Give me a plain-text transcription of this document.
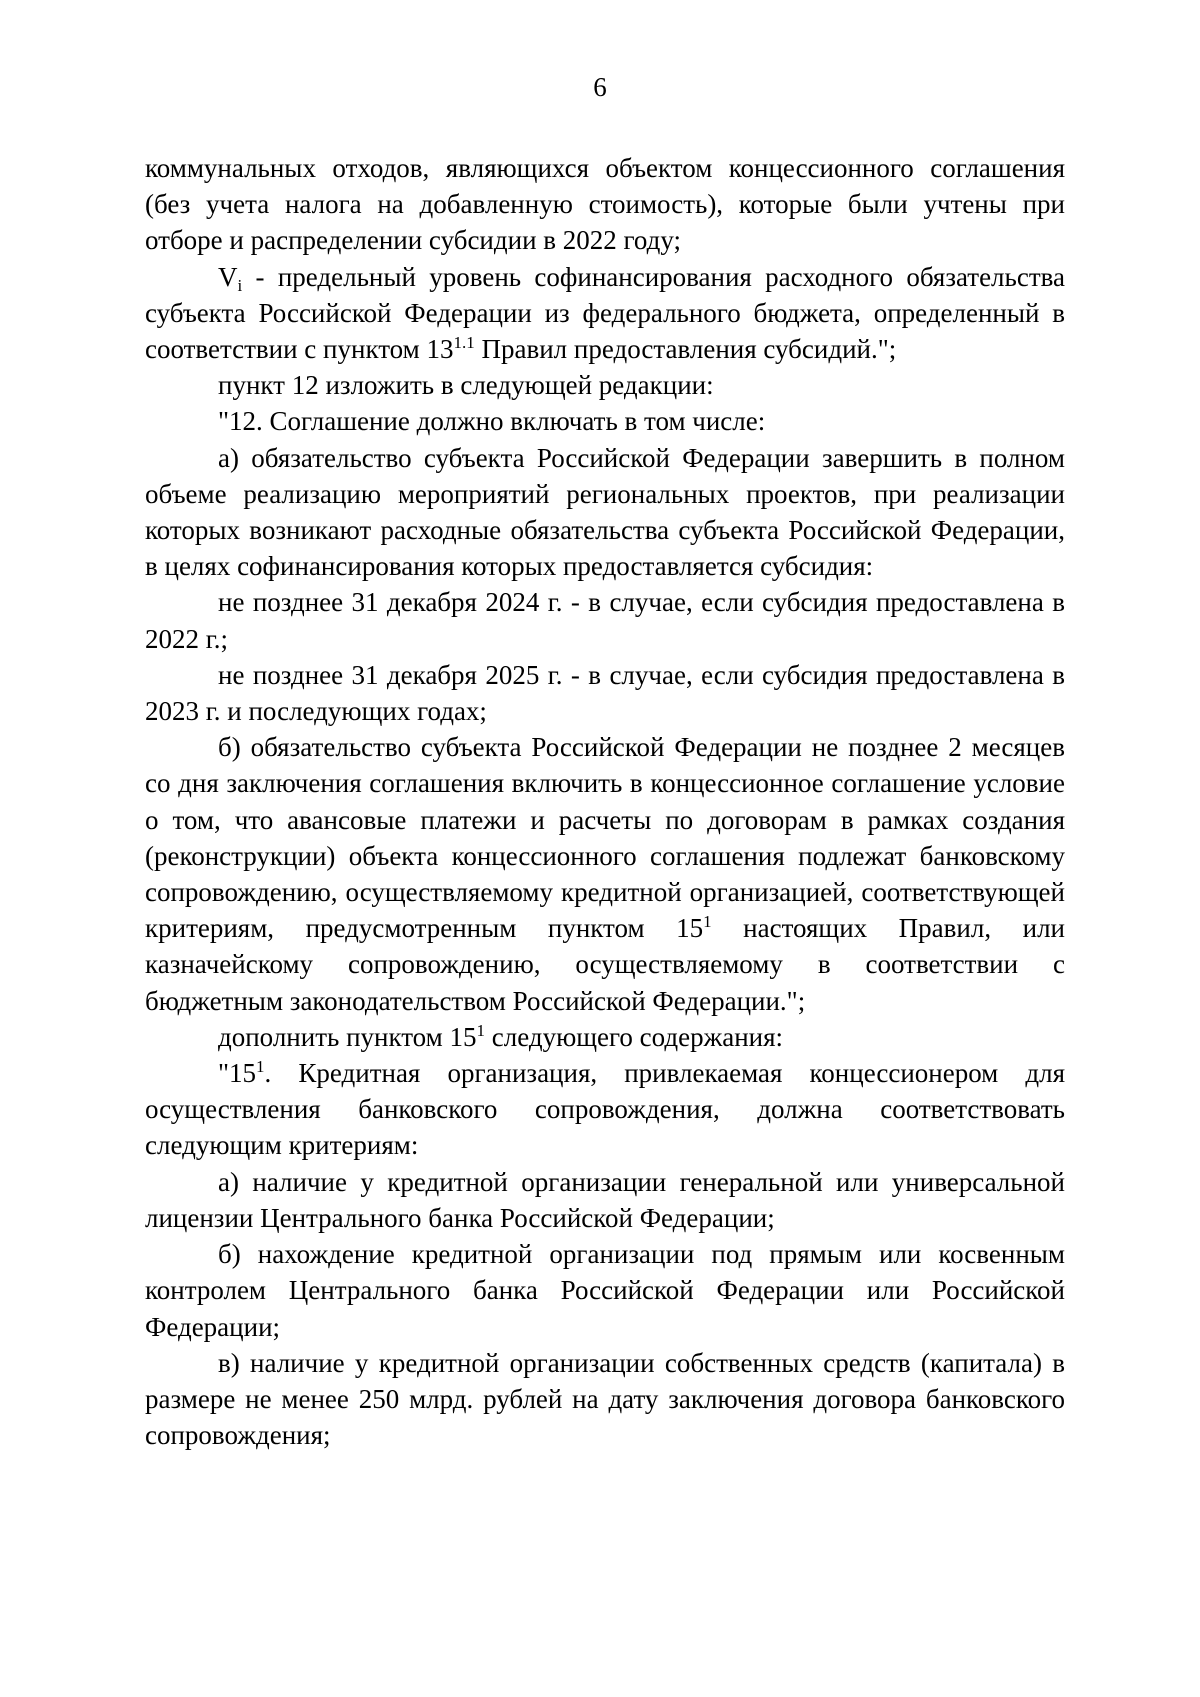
6

коммунальных отходов, являющихся объектом концессионного соглашения (без учета налога на добавленную стоимость), которые были учтены при отборе и распределении субсидии в 2022 году;

$V_i$ - предельный уровень софинансирования расходного обязательства субъекта Российской Федерации из федерального бюджета, определенный в соответствии с пунктом $13^{1.1}$ Правил предоставления субсидий.";

пункт 12 изложить в следующей редакции:

"12. Соглашение должно включать в том числе:

а) обязательство субъекта Российской Федерации завершить в полном объеме реализацию мероприятий региональных проектов, при реализации которых возникают расходные обязательства субъекта Российской Федерации, в целях софинансирования которых предоставляется субсидия:

не позднее 31 декабря 2024 г. - в случае, если субсидия предоставлена в 2022 г.;

не позднее 31 декабря 2025 г. - в случае, если субсидия предоставлена в 2023 г. и последующих годах;

б) обязательство субъекта Российской Федерации не позднее 2 месяцев со дня заключения соглашения включить в концессионное соглашение условие о том, что авансовые платежи и расчеты по договорам в рамках создания (реконструкции) объекта концессионного соглашения подлежат банковскому сопровождению, осуществляемому кредитной организацией, соответствующей критериям, предусмотренным пунктом $15^1$ настоящих Правил, или казначейскому сопровождению, осуществляемому в соответствии с бюджетным законодательством Российской Федерации.";

дополнить пунктом $15^1$ следующего содержания:

"$15^1$. Кредитная организация, привлекаемая концессионером для осуществления банковского сопровождения, должна соответствовать следующим критериям:

а) наличие у кредитной организации генеральной или универсальной лицензии Центрального банка Российской Федерации;

б) нахождение кредитной организации под прямым или косвенным контролем Центрального банка Российской Федерации или Российской Федерации;

в) наличие у кредитной организации собственных средств (капитала) в размере не менее 250 млрд. рублей на дату заключения договора банковского сопровождения;
